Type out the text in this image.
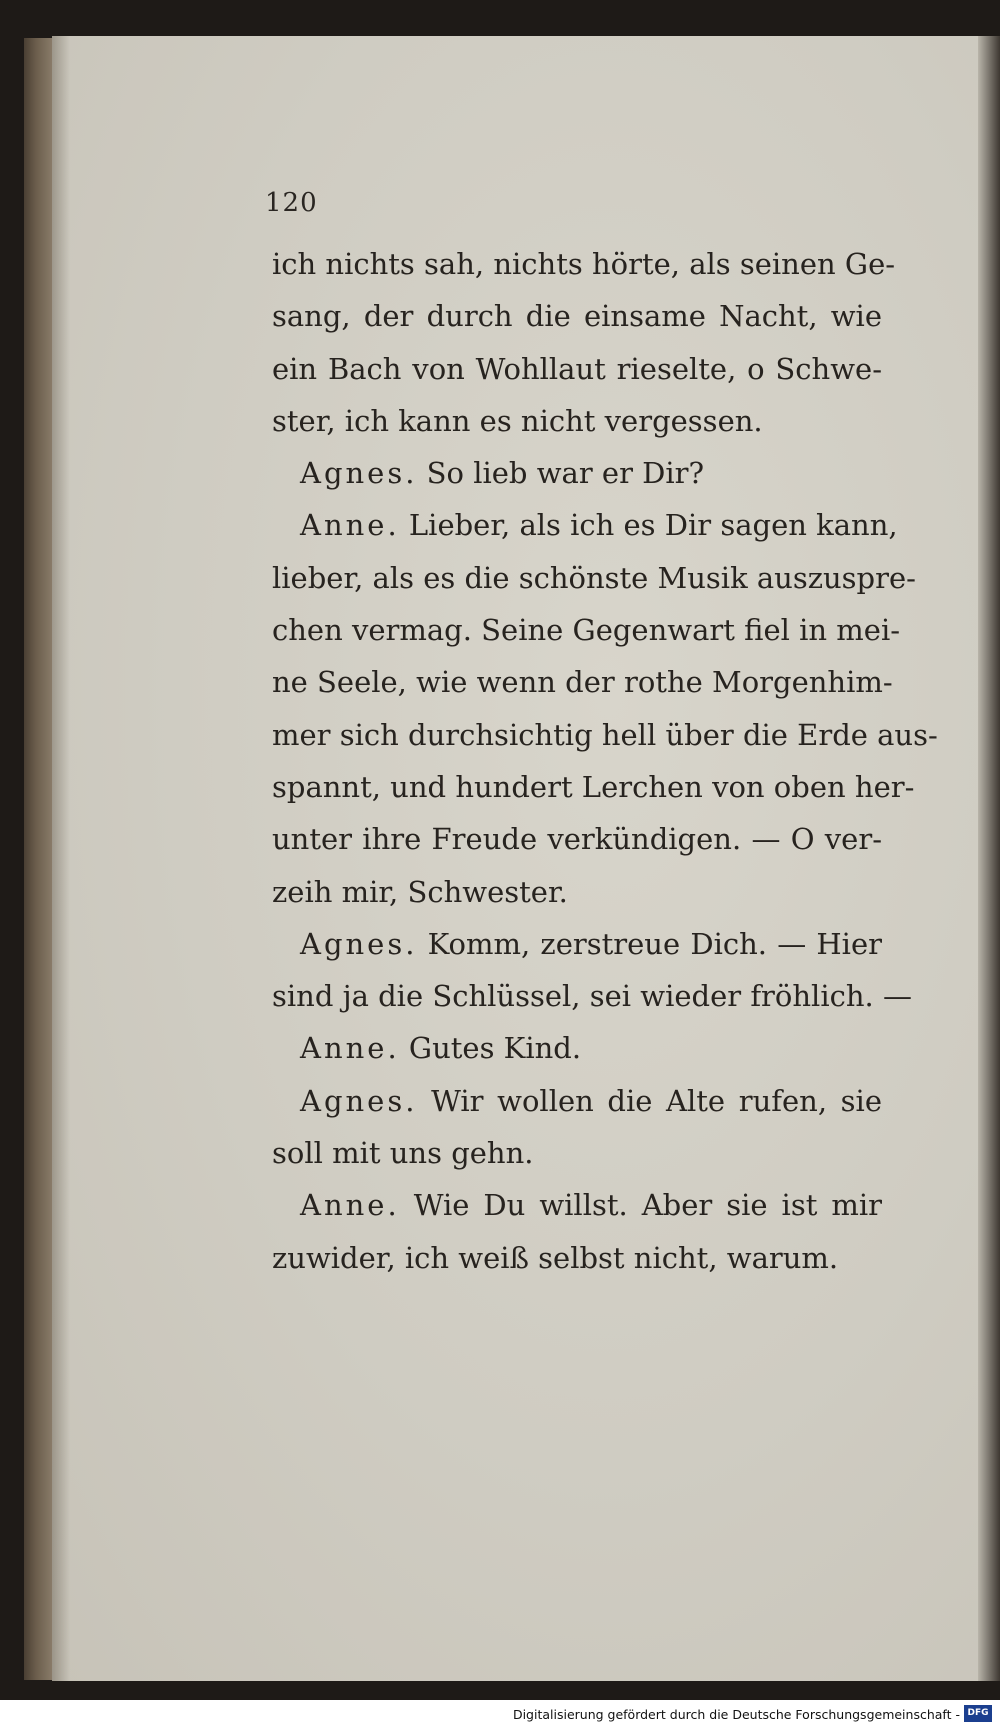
120
ich nichts sah, nichts hörte, als seinen Ge-
sang, der durch die einsame Nacht, wie
ein Bach von Wohllaut rieselte, o Schwe-
ster, ich kann es nicht vergessen.
Agnes. So lieb war er Dir?
Anne. Lieber, als ich es Dir sagen kann,
lieber, als es die schönste Musik auszuspre-
chen vermag. Seine Gegenwart fiel in mei-
ne Seele, wie wenn der rothe Morgenhim-
mer sich durchsichtig hell über die Erde aus-
spannt, und hundert Lerchen von oben her-
unter ihre Freude verkündigen. — O ver-
zeih mir, Schwester.
Agnes. Komm, zerstreue Dich. — Hier
sind ja die Schlüssel, sei wieder fröhlich. —
Anne. Gutes Kind.
Agnes. Wir wollen die Alte rufen, sie
soll mit uns gehn.
Anne. Wie Du willst. Aber sie ist mir
zuwider, ich weiß selbst nicht, warum.
Digitalisierung gefördert durch die Deutsche Forschungsgemeinschaft - DFG
